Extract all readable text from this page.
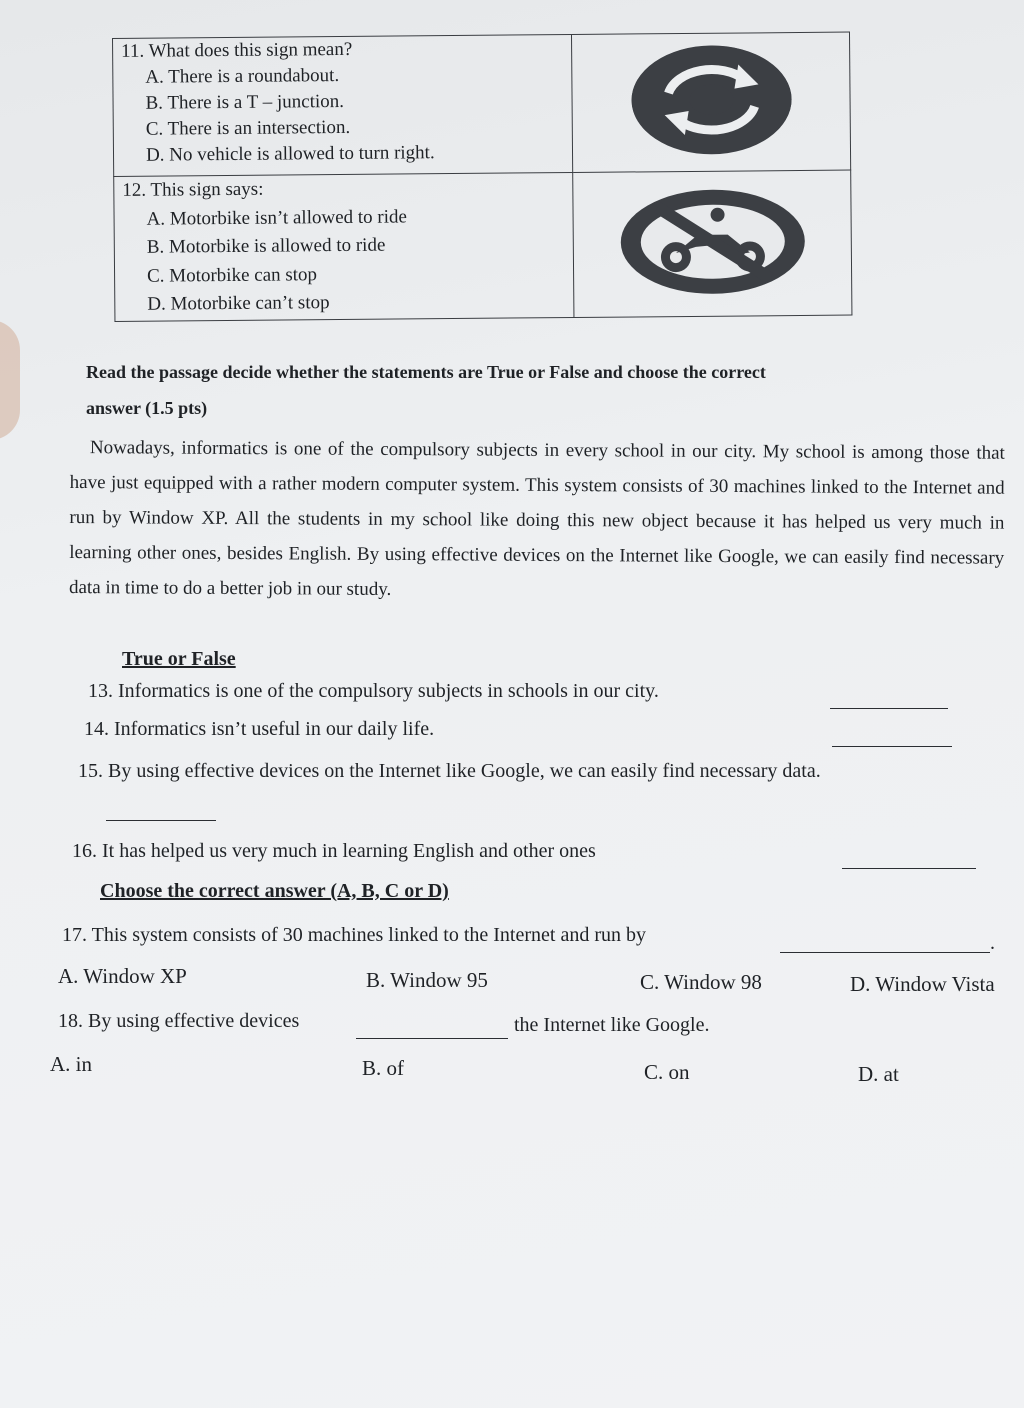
11. What does this sign mean?
A. There is a roundabout.
B. There is a T – junction.
C. There is an intersection.
D. No vehicle is allowed to turn right.

12. This sign says:
A. Motorbike isn’t allowed to ride
B. Motorbike is allowed to ride
C. Motorbike can stop
D. Motorbike can’t stop

Read the passage decide whether the statements are True or False and choose the correct
answer (1.5 pts)
Nowadays, informatics is one of the compulsory subjects in every school in our city. My school is among those that have just equipped with a rather modern computer system. This system consists of 30 machines linked to the Internet and run by Window XP. All the students in my school like doing this new object because it has helped us very much in learning other ones, besides English. By using effective devices on the Internet like Google, we can easily find necessary data in time to do a better job in our study.
True or False
13. Informatics is one of the compulsory subjects in schools in our city.
14. Informatics isn’t useful in our daily life.
15. By using effective devices on the Internet like Google, we can easily find necessary data.
16. It has helped us very much in learning English and other ones
Choose the correct answer (A, B, C or D)
17. This system consists of 30 machines linked to the Internet and run by	.
A. Window XP	B. Window 95	C. Window 98	D. Window Vista
18. By using effective devices	the Internet like Google.
A. in	B. of	C. on	D. at
